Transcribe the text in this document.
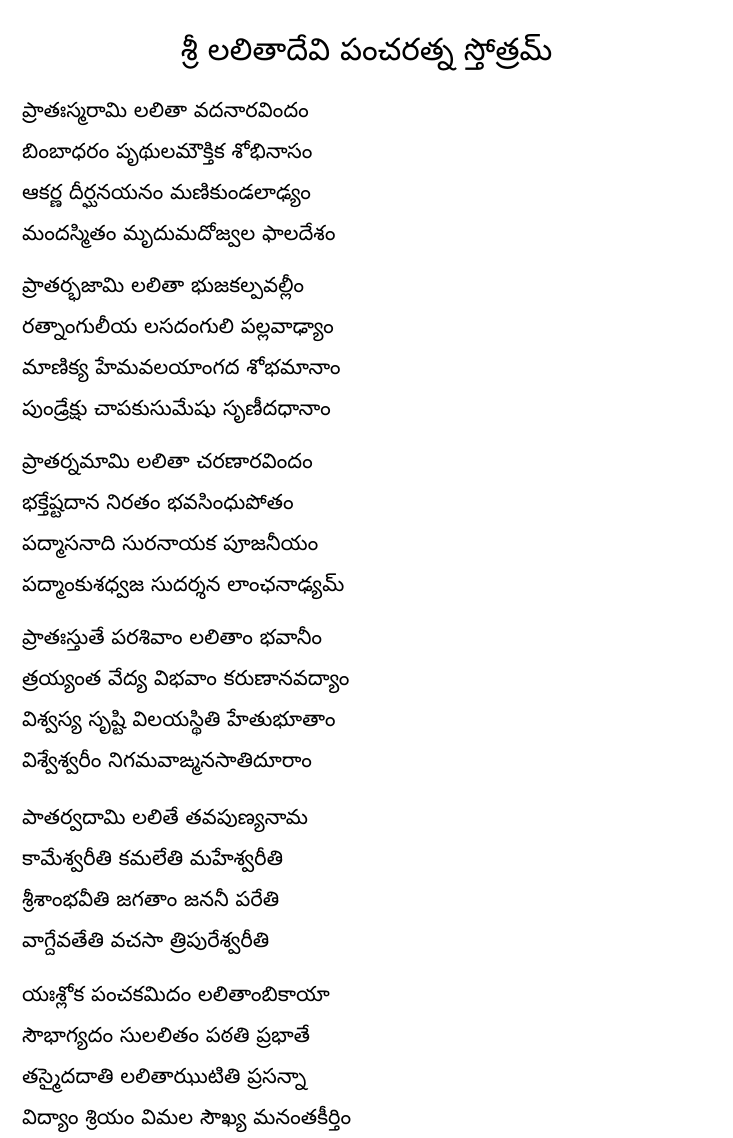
శ్రీ లలితాదేవి పంచరత్న స్తోత్రమ్
ప్రాతఃస్మరామి లలితా వదనారవిందం
బింబాధరం పృథులమౌక్తిక శోభినాసం
ఆకర్ణ దీర్ఘనయనం మణికుండలాఢ్యం
మందస్మితం మృదుమదోజ్వల ఫాలదేశం
ప్రాతర్భజామి లలితా భుజకల్పవల్లీం
రత్నాంగులీయ లసదంగులి పల్లవాఢ్యాం
మాణిక్య హేమవలయాంగద శోభమానాం
పుండ్రేక్షు చాపకుసుమేషు సృణీదధానాం
ప్రాతర్నమామి లలితా చరణారవిందం
భక్తేష్టదాన నిరతం భవసింధుపోతం
పద్మాసనాది సురనాయక పూజనీయం
పద్మాంకుశధ్వజ సుదర్శన లాంఛనాఢ్యమ్
ప్రాతఃస్తుతే పరశివాం లలితాం భవానీం
త్రయ్యంత వేద్య విభవాం కరుణానవద్యాం
విశ్వస్య సృష్టి విలయస్థితి హేతుభూతాం
విశ్వేశ్వరీం నిగమవాఙ్మనసాతిదూరాం
పాతర్వదామి లలితే తవపుణ్యనామ
కామేశ్వరీతి కమలేతి మహేశ్వరీతి
శ్రీశాంభవీతి జగతాం జననీ పరేతి
వాగ్దేవతేతి వచసా త్రిపురేశ్వరీతి
యఃశ్లోక పంచకమిదం లలితాంబికాయా
సౌభాగ్యదం సులలితం పఠతి ప్రభాతే
తస్మైదదాతి లలితాఝుటితి ప్రసన్నా
విద్యాం శ్రియం విమల సౌఖ్య మనంతకీర్తిం
